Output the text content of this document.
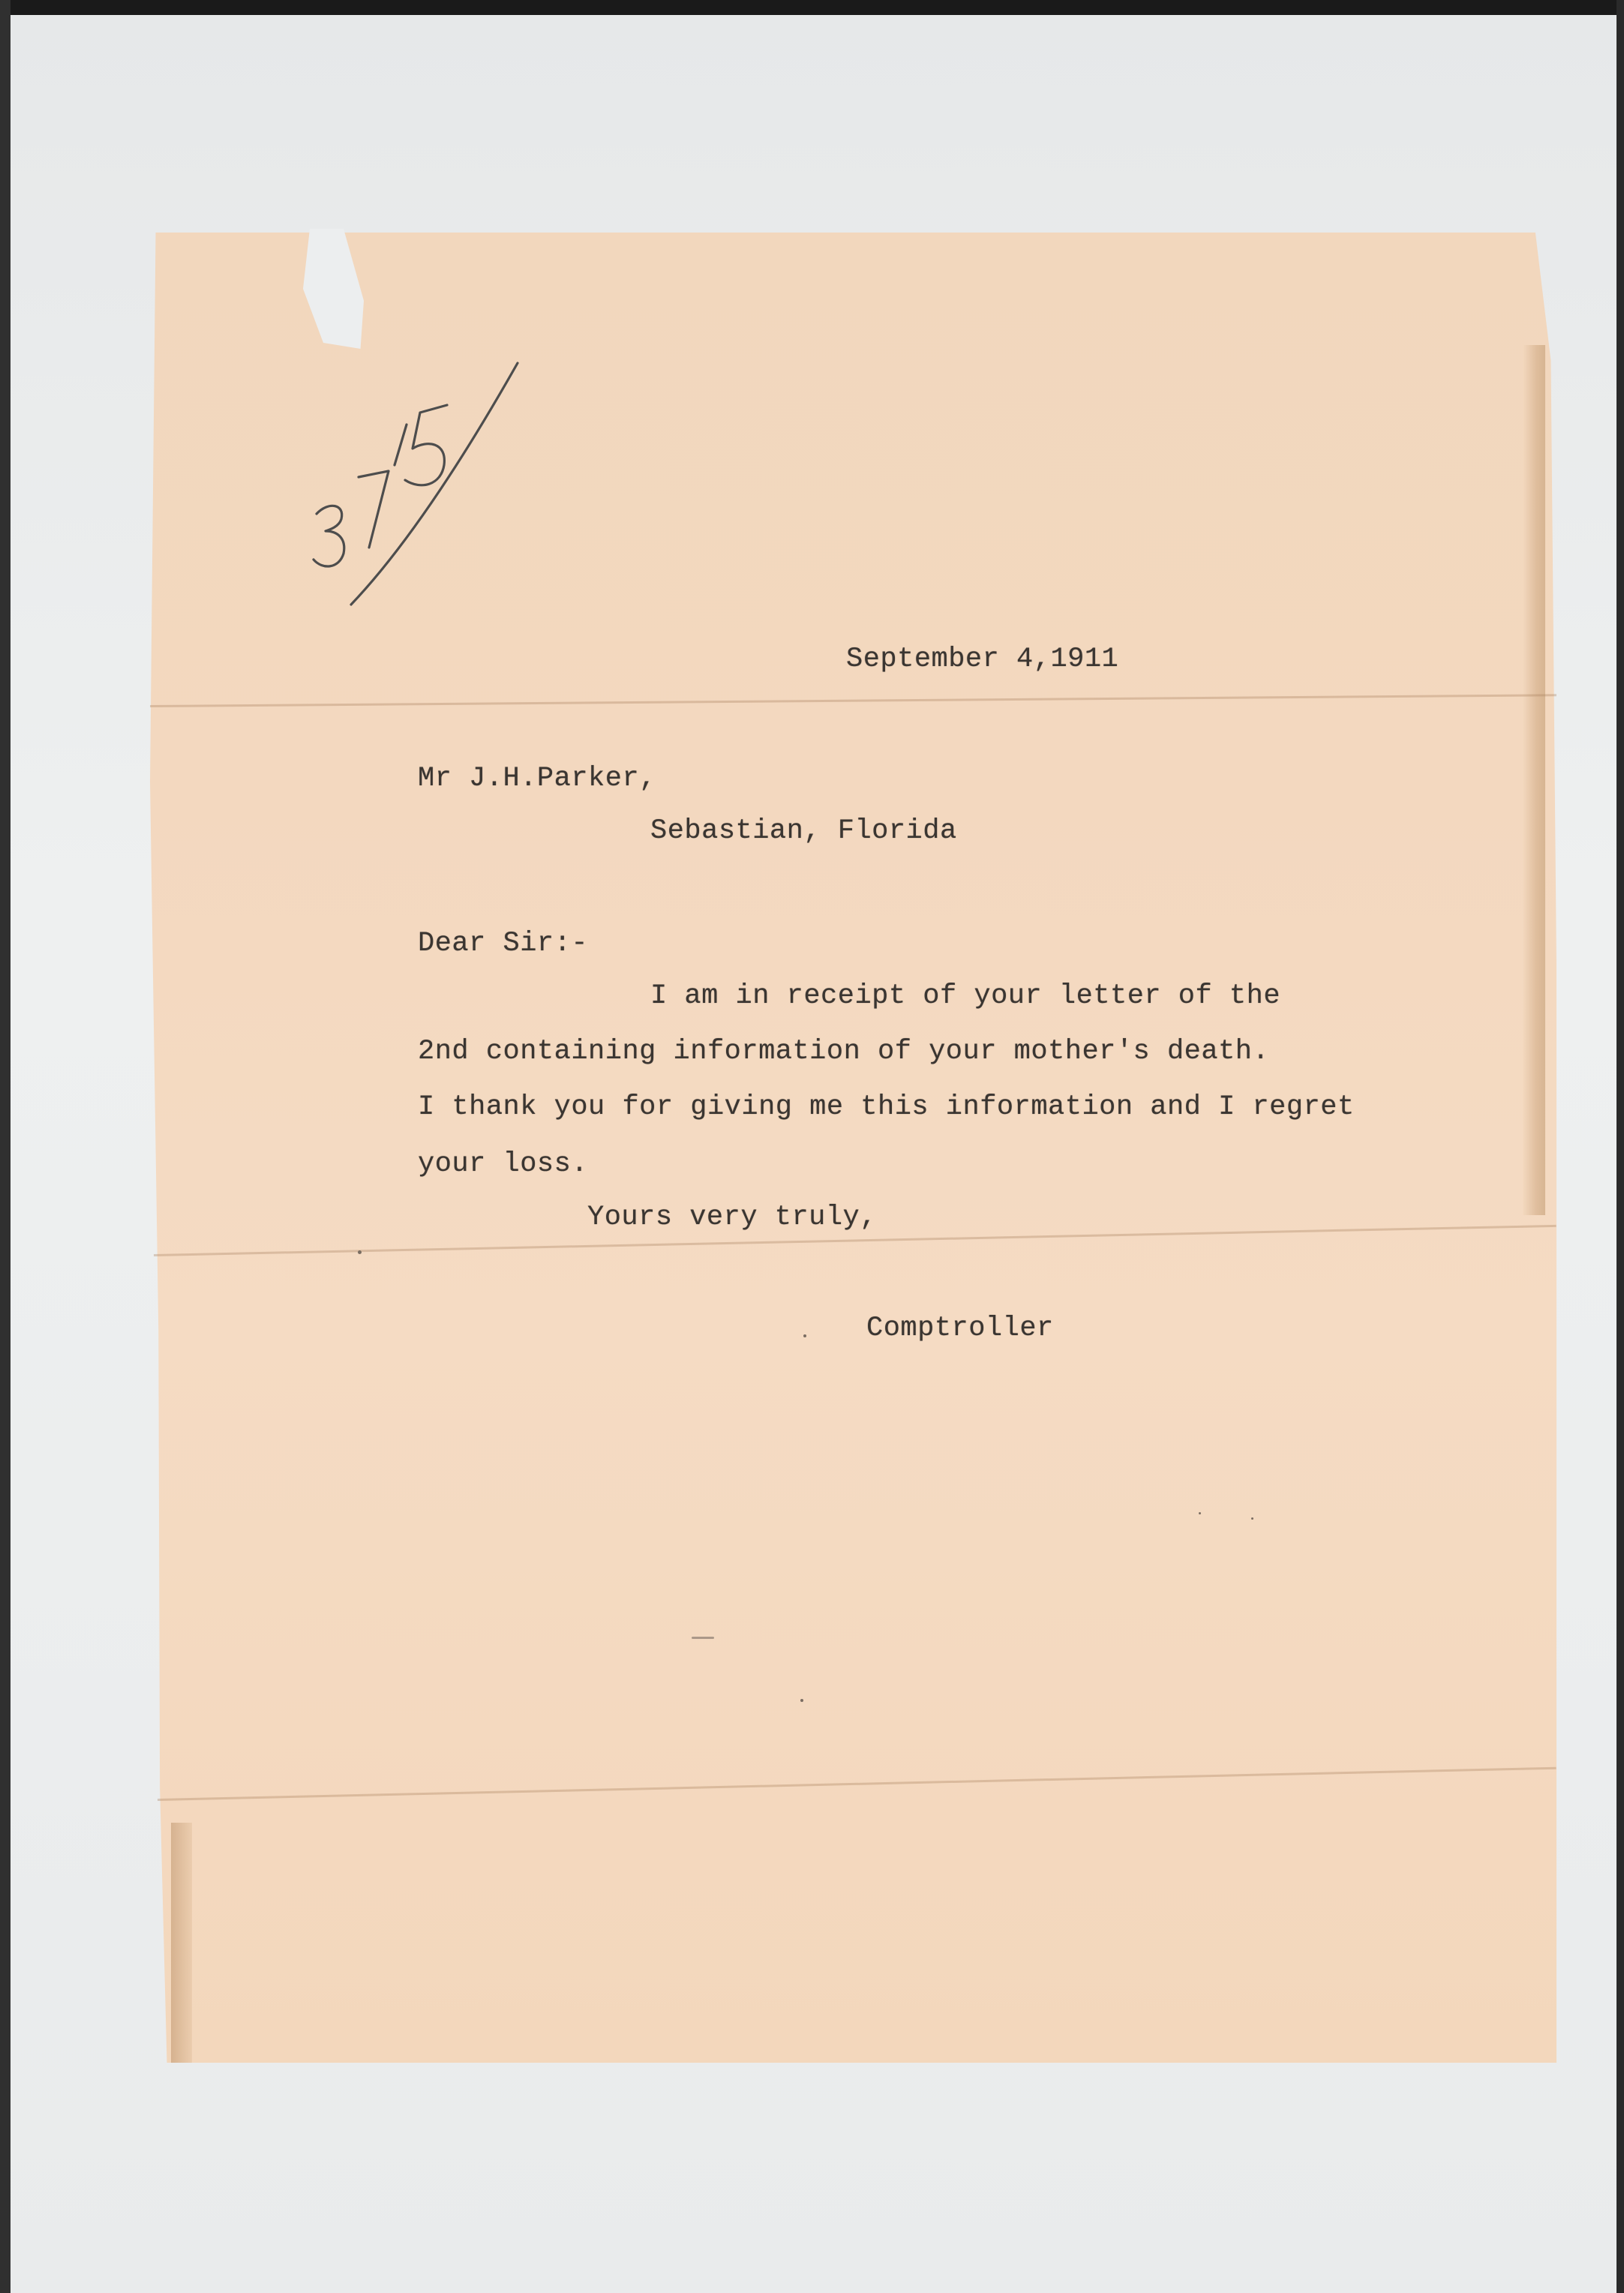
September 4,1911

Mr J.H.Parker,

Sebastian, Florida

Dear Sir:-

I am in receipt of your letter of the

2nd containing information of your mother's death.

I thank you for giving me this information and I regret

your loss.

Yours very truly,

Comptroller
